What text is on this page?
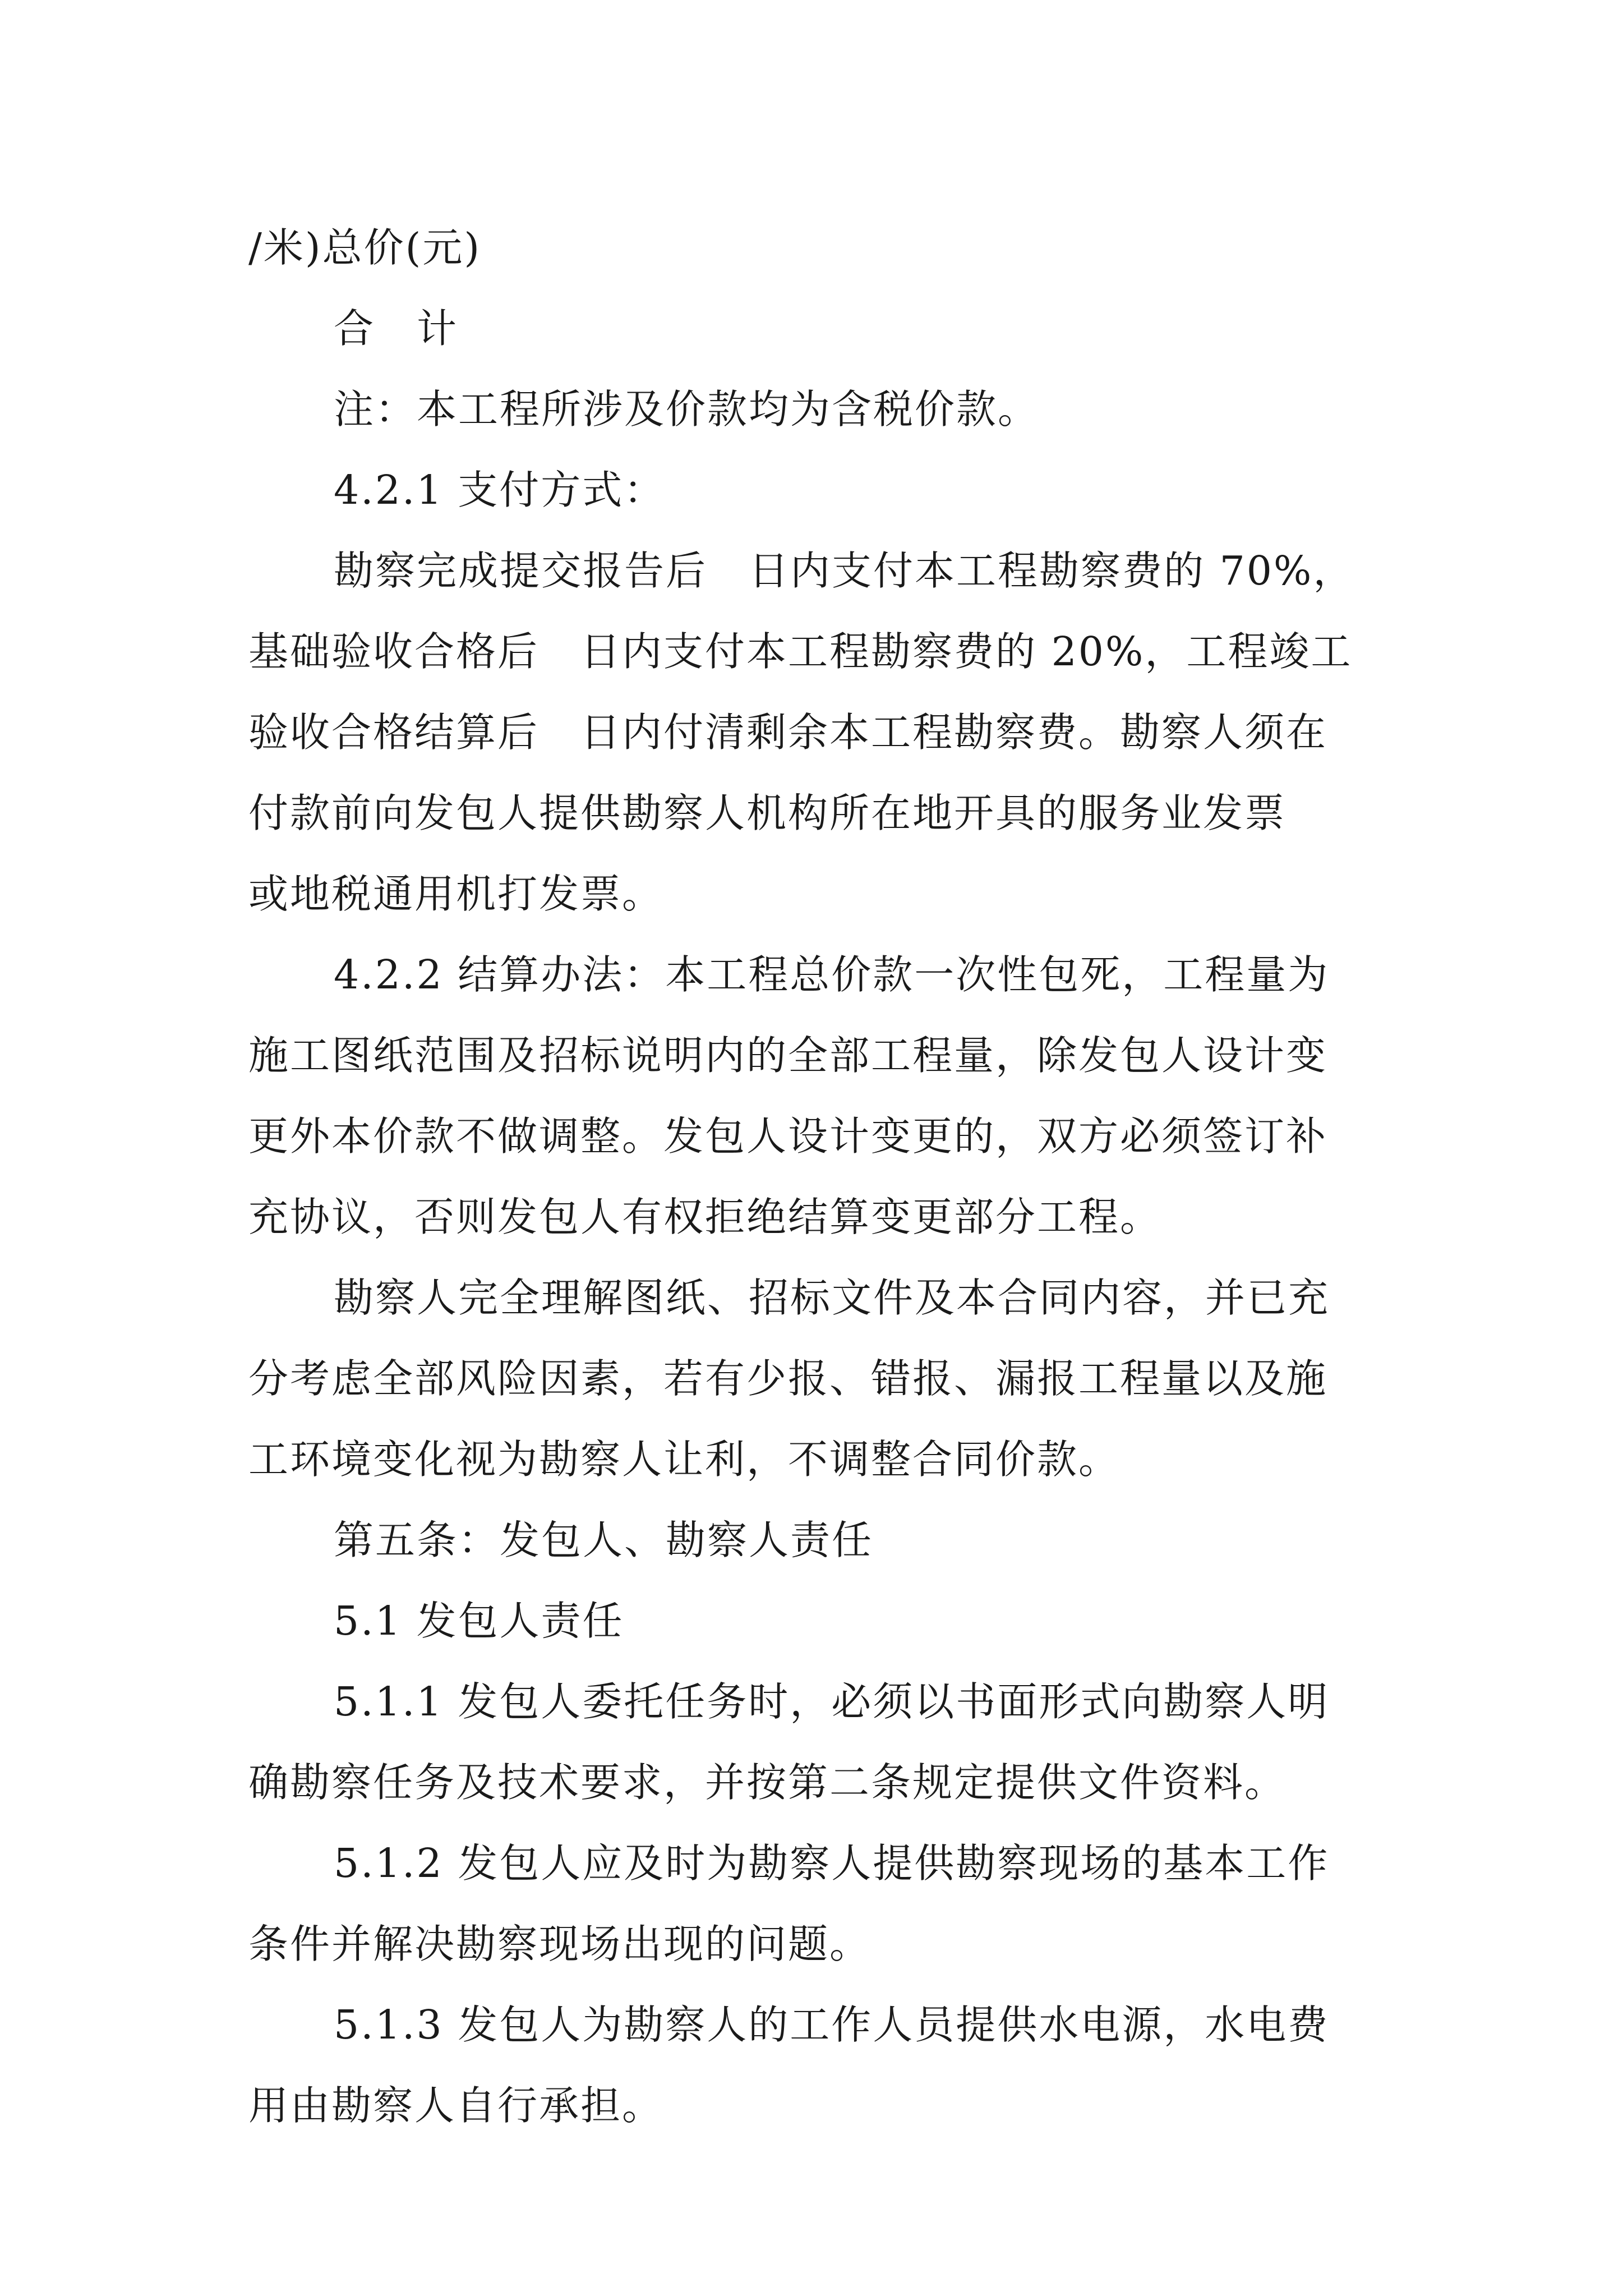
/米)总价(元)
合　计
注：本工程所涉及价款均为含税价款。
4.2.1 支付方式：
勘察完成提交报告后　日内支付本工程勘察费的 70%，
基础验收合格后　日内支付本工程勘察费的 20%，工程竣工
验收合格结算后　日内付清剩余本工程勘察费。勘察人须在
付款前向发包人提供勘察人机构所在地开具的服务业发票
或地税通用机打发票。
4.2.2 结算办法：本工程总价款一次性包死，工程量为
施工图纸范围及招标说明内的全部工程量，除发包人设计变
更外本价款不做调整。发包人设计变更的，双方必须签订补
充协议，否则发包人有权拒绝结算变更部分工程。
勘察人完全理解图纸、招标文件及本合同内容，并已充
分考虑全部风险因素，若有少报、错报、漏报工程量以及施
工环境变化视为勘察人让利，不调整合同价款。
第五条：发包人、勘察人责任
5.1 发包人责任
5.1.1 发包人委托任务时，必须以书面形式向勘察人明
确勘察任务及技术要求，并按第二条规定提供文件资料。
5.1.2 发包人应及时为勘察人提供勘察现场的基本工作
条件并解决勘察现场出现的问题。
5.1.3 发包人为勘察人的工作人员提供水电源，水电费
用由勘察人自行承担。
